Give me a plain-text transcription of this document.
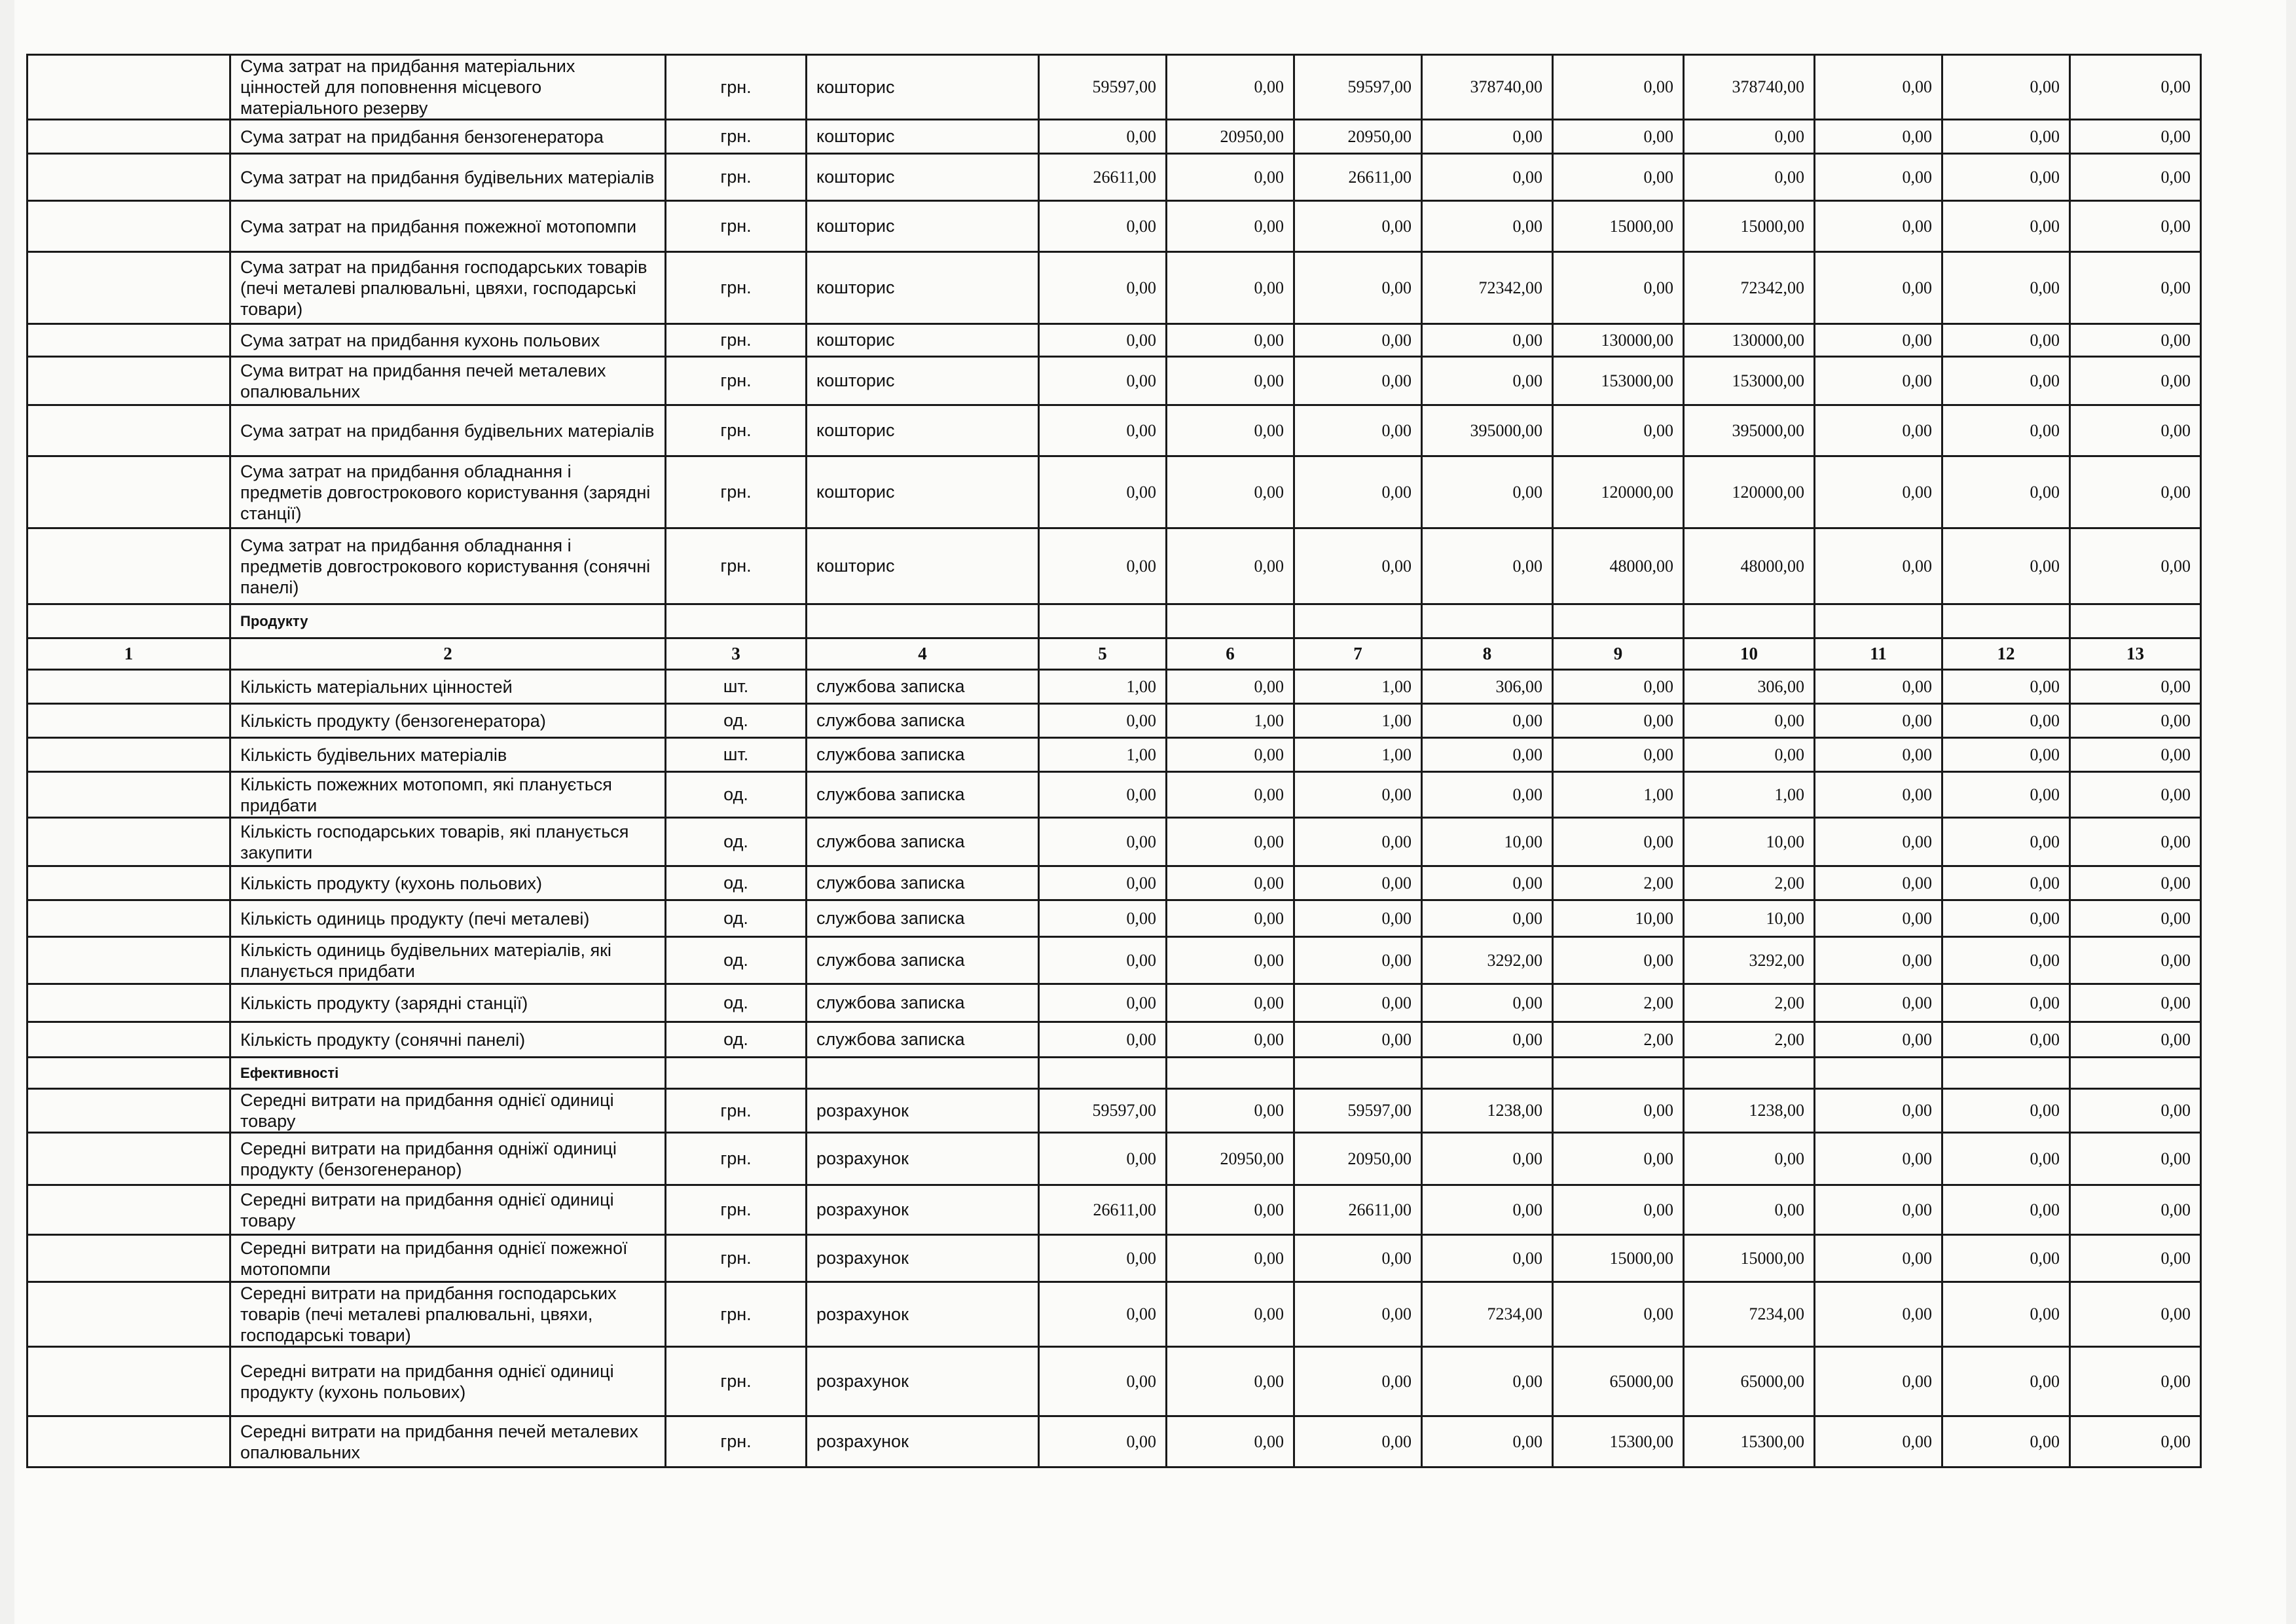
	Сума затрат на придбання матеріальних цінностей для поповнення місцевого матеріального резерву	грн.	кошторис	59597,00	0,00	59597,00	378740,00	0,00	378740,00	0,00	0,00	0,00
	Сума затрат на придбання бензогенератора	грн.	кошторис	0,00	20950,00	20950,00	0,00	0,00	0,00	0,00	0,00	0,00
	Сума затрат на придбання будівельних матеріалів	грн.	кошторис	26611,00	0,00	26611,00	0,00	0,00	0,00	0,00	0,00	0,00
	Сума затрат на придбання пожежної мотопомпи	грн.	кошторис	0,00	0,00	0,00	0,00	15000,00	15000,00	0,00	0,00	0,00
	Сума затрат на придбання господарських товарів (печі металеві рпалювальні, цвяхи, господарські товари)	грн.	кошторис	0,00	0,00	0,00	72342,00	0,00	72342,00	0,00	0,00	0,00
	Сума затрат на придбання кухонь польових	грн.	кошторис	0,00	0,00	0,00	0,00	130000,00	130000,00	0,00	0,00	0,00
	Сума витрат на придбання печей металевих опалювальних	грн.	кошторис	0,00	0,00	0,00	0,00	153000,00	153000,00	0,00	0,00	0,00
	Сума затрат на придбання будівельних матеріалів	грн.	кошторис	0,00	0,00	0,00	395000,00	0,00	395000,00	0,00	0,00	0,00
	Сума затрат на придбання обладнання і предметів довгострокового користування (зарядні станції)	грн.	кошторис	0,00	0,00	0,00	0,00	120000,00	120000,00	0,00	0,00	0,00
	Сума затрат на придбання обладнання і предметів довгострокового користування (сонячні панелі)	грн.	кошторис	0,00	0,00	0,00	0,00	48000,00	48000,00	0,00	0,00	0,00
	Продукту											
1	2	3	4	5	6	7	8	9	10	11	12	13
	Кількість матеріальних цінностей	шт.	службова записка	1,00	0,00	1,00	306,00	0,00	306,00	0,00	0,00	0,00
	Кількість продукту (бензогенератора)	од.	службова записка	0,00	1,00	1,00	0,00	0,00	0,00	0,00	0,00	0,00
	Кількість будівельних матеріалів	шт.	службова записка	1,00	0,00	1,00	0,00	0,00	0,00	0,00	0,00	0,00
	Кількість пожежних мотопомп, які планується придбати	од.	службова записка	0,00	0,00	0,00	0,00	1,00	1,00	0,00	0,00	0,00
	Кількість господарських товарів, які планується закупити	од.	службова записка	0,00	0,00	0,00	10,00	0,00	10,00	0,00	0,00	0,00
	Кількість продукту (кухонь польових)	од.	службова записка	0,00	0,00	0,00	0,00	2,00	2,00	0,00	0,00	0,00
	Кількість одиниць продукту (печі металеві)	од.	службова записка	0,00	0,00	0,00	0,00	10,00	10,00	0,00	0,00	0,00
	Кількість одиниць будівельних матеріалів, які планується придбати	од.	службова записка	0,00	0,00	0,00	3292,00	0,00	3292,00	0,00	0,00	0,00
	Кількість продукту (зарядні станції)	од.	службова записка	0,00	0,00	0,00	0,00	2,00	2,00	0,00	0,00	0,00
	Кількість продукту (сонячні панелі)	од.	службова записка	0,00	0,00	0,00	0,00	2,00	2,00	0,00	0,00	0,00
	Ефективності											
	Середні витрати на придбання однієї одиниці товару	грн.	розрахунок	59597,00	0,00	59597,00	1238,00	0,00	1238,00	0,00	0,00	0,00
	Середні витрати на придбання одніжї одиниці продукту (бензогенеранор)	грн.	розрахунок	0,00	20950,00	20950,00	0,00	0,00	0,00	0,00	0,00	0,00
	Середні витрати на придбання однієї одиниці товару	грн.	розрахунок	26611,00	0,00	26611,00	0,00	0,00	0,00	0,00	0,00	0,00
	Середні витрати на придбання однієї пожежної мотопомпи	грн.	розрахунок	0,00	0,00	0,00	0,00	15000,00	15000,00	0,00	0,00	0,00
	Середні витрати на придбання господарських товарів (печі металеві рпалювальні, цвяхи, господарські товари)	грн.	розрахунок	0,00	0,00	0,00	7234,00	0,00	7234,00	0,00	0,00	0,00
	Середні витрати на придбання однієї одиниці продукту (кухонь польових)	грн.	розрахунок	0,00	0,00	0,00	0,00	65000,00	65000,00	0,00	0,00	0,00
	Середні витрати на придбання печей металевих опалювальних	грн.	розрахунок	0,00	0,00	0,00	0,00	15300,00	15300,00	0,00	0,00	0,00
